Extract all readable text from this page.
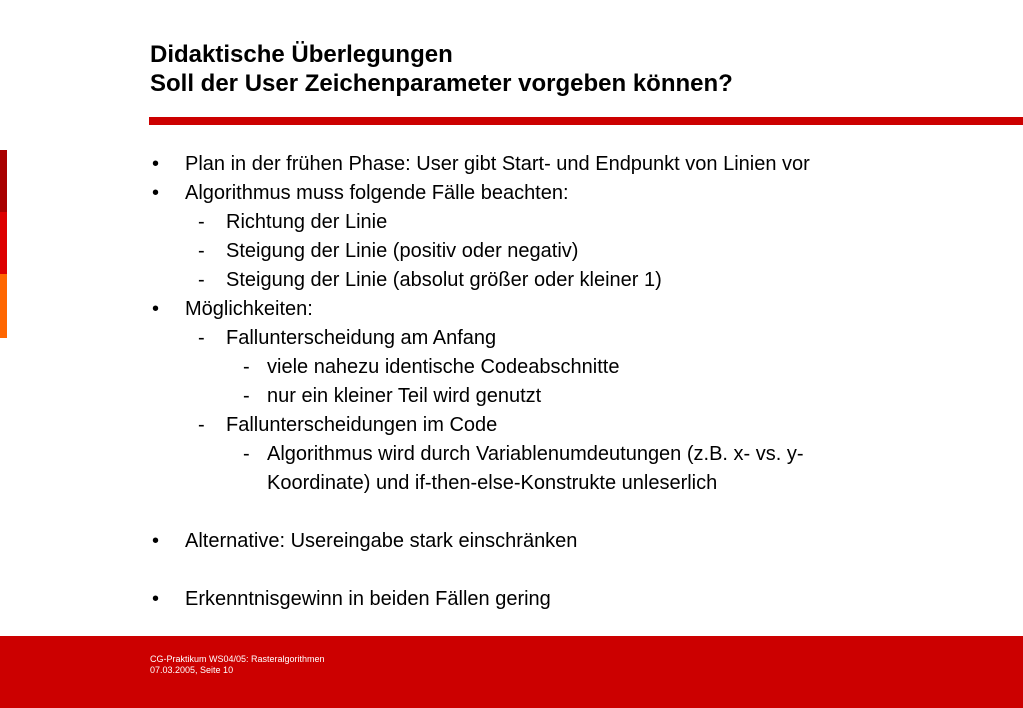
Didaktische Überlegungen
Soll der User Zeichenparameter vorgeben können?
• Plan in der frühen Phase: User gibt Start- und Endpunkt von Linien vor
• Algorithmus muss folgende Fälle beachten:
- Richtung der Linie
- Steigung der Linie (positiv oder negativ)
- Steigung der Linie (absolut größer oder kleiner 1)
• Möglichkeiten:
- Fallunterscheidung am Anfang
- viele nahezu identische Codeabschnitte
- nur ein kleiner Teil wird genutzt
- Fallunterscheidungen im Code
- Algorithmus wird durch Variablenumdeutungen (z.B. x- vs. y-
Koordinate) und if-then-else-Konstrukte unleserlich
• Alternative: Usereingabe stark einschränken
• Erkenntnisgewinn in beiden Fällen gering
CG-Praktikum WS04/05: Rasteralgorithmen
07.03.2005, Seite 10
